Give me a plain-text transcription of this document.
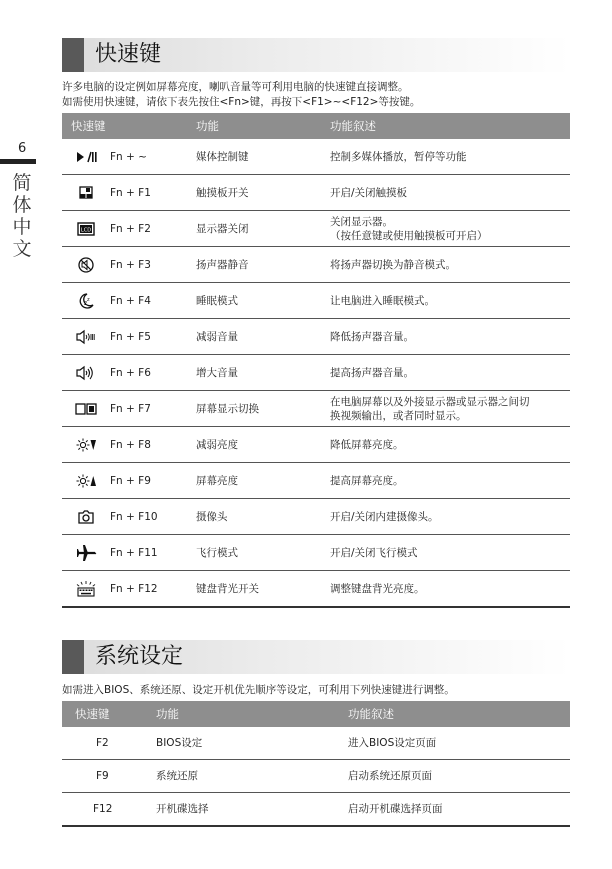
6
简体中文
快速键
许多电脑的设定例如屏幕亮度，喇叭音量等可利用电脑的快速键直接调整。
如需使用快速键，请依下表先按住<Fn>键，再按下<F1>~<F12>等按键。
快速键		功能	功能叙述
	Fn + ~	媒体控制键	控制多媒体播放，暂停等功能
	Fn + F1	触摸板开关	开启/关闭触摸板

LCD	Fn + F2	显示器关闭	关闭显示器。
（按任意键或使用触摸板可开启）

	Fn + F3	扬声器静音	将扬声器切换为静音模式。

z z	Fn + F4	睡眠模式	让电脑进入睡眠模式。
	Fn + F5	减弱音量	降低扬声器音量。
	Fn + F6	增大音量	提高扬声器音量。
	Fn + F7	屏幕显示切换	在电脑屏幕以及外接显示器或显示器之间切
换视频输出，或者同时显示。

	Fn + F8	减弱亮度	降低屏幕亮度。
	Fn + F9	屏幕亮度	提高屏幕亮度。
	Fn + F10	摄像头	开启/关闭内建摄像头。
	Fn + F11	飞行模式	开启/关闭飞行模式
	Fn + F12	键盘背光开关	调整键盘背光亮度。
系统设定
如需进入BIOS、系统还原、设定开机优先顺序等设定，可利用下列快速键进行调整。
快速键	功能	功能叙述
F2	BIOS设定	进入BIOS设定页面
F9	系统还原	启动系统还原页面
F12	开机碟选择	启动开机碟选择页面
